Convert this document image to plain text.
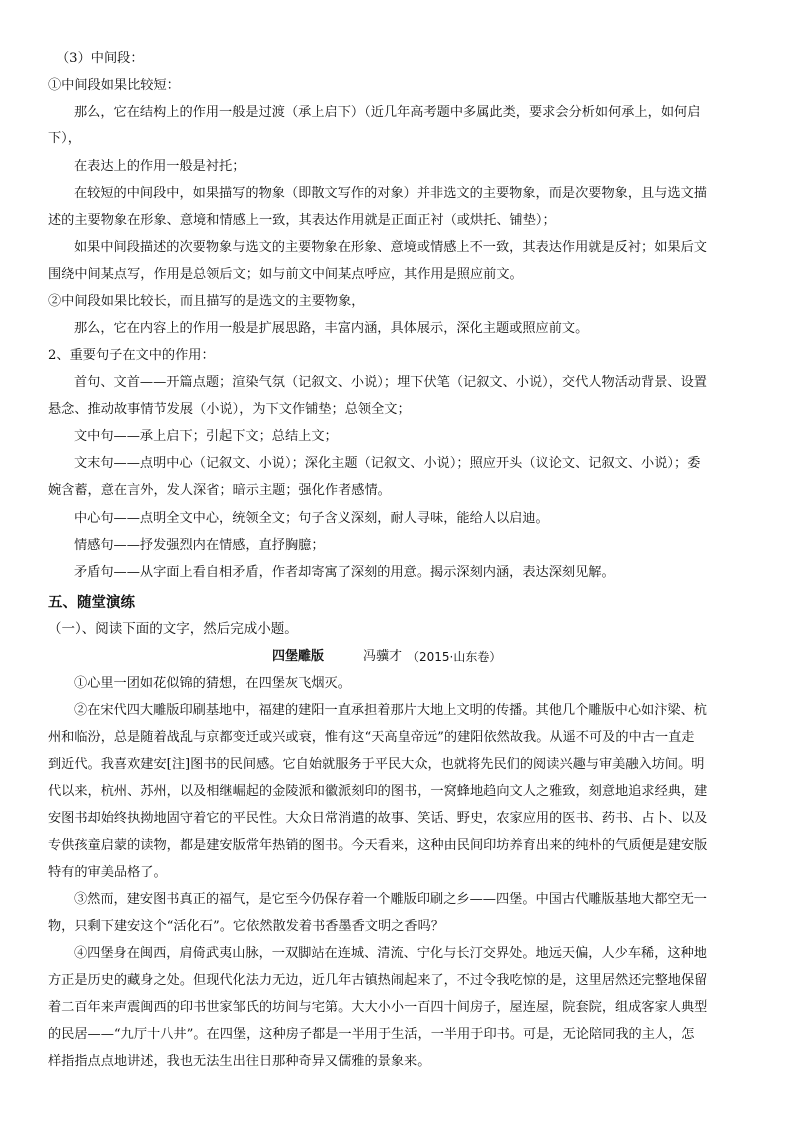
（3）中间段：
①中间段如果比较短：
那么，它在结构上的作用一般是过渡（承上启下）（近几年高考题中多属此类，要求会分析如何承上，如何启
下），
在表达上的作用一般是衬托；
在较短的中间段中，如果描写的物象（即散文写作的对象）并非选文的主要物象，而是次要物象，且与选文描
述的主要物象在形象、意境和情感上一致，其表达作用就是正面正衬（或烘托、铺垫）；
如果中间段描述的次要物象与选文的主要物象在形象、意境或情感上不一致，其表达作用就是反衬；如果后文
围绕中间某点写，作用是总领后文；如与前文中间某点呼应，其作用是照应前文。
②中间段如果比较长，而且描写的是选文的主要物象，
那么，它在内容上的作用一般是扩展思路，丰富内涵，具体展示，深化主题或照应前文。
2、重要句子在文中的作用：
首句、文首——开篇点题；渲染气氛（记叙文、小说）；埋下伏笔（记叙文、小说），交代人物活动背景、设置
悬念、推动故事情节发展（小说），为下文作铺垫；总领全文；
文中句——承上启下；引起下文；总结上文；
文末句——点明中心（记叙文、小说）；深化主题（记叙文、小说）；照应开头（议论文、记叙文、小说）；委
婉含蓄，意在言外，发人深省；暗示主题；强化作者感情。
中心句——点明全文中心，统领全文；句子含义深刻，耐人寻味，能给人以启迪。
情感句——抒发强烈内在情感，直抒胸臆；
矛盾句——从字面上看自相矛盾，作者却寄寓了深刻的用意。揭示深刻内涵，表达深刻见解。
五、随堂演练
（一）、阅读下面的文字，然后完成小题。
四堡雕版	冯骥才 （2015·山东卷）
①心里一团如花似锦的猜想，在四堡灰飞烟灭。
②在宋代四大雕版印刷基地中，福建的建阳一直承担着那片大地上文明的传播。其他几个雕版中心如汴梁、杭
州和临汾，总是随着战乱与京都变迁或兴或衰，惟有这“天高皇帝远”的建阳依然故我。从遥不可及的中古一直走
到近代。我喜欢建安[注]图书的民间感。它自始就服务于平民大众，也就将先民们的阅读兴趣与审美融入坊间。明
代以来，杭州、苏州，以及相继崛起的金陵派和徽派刻印的图书，一窝蜂地趋向文人之雅致，刻意地追求经典，建
安图书却始终执拗地固守着它的平民性。大众日常消遣的故事、笑话、野史，农家应用的医书、药书、占卜、以及
专供孩童启蒙的读物，都是建安版常年热销的图书。今天看来，这种由民间印坊养育出来的纯朴的气质便是建安版
特有的审美品格了。
③然而，建安图书真正的福气，是它至今仍保存着一个雕版印刷之乡——四堡。中国古代雕版基地大都空无一
物，只剩下建安这个“活化石”。它依然散发着书香墨香文明之香吗？
④四堡身在闽西，肩倚武夷山脉，一双脚站在连城、清流、宁化与长汀交界处。地远天偏，人少车稀，这种地
方正是历史的藏身之处。但现代化法力无边，近几年古镇热闹起来了，不过令我吃惊的是，这里居然还完整地保留
着二百年来声震闽西的印书世家邹氏的坊间与宅第。大大小小一百四十间房子，屋连屋，院套院，组成客家人典型
的民居——“九厅十八井”。在四堡，这种房子都是一半用于生活，一半用于印书。可是，无论陪同我的主人，怎
样指指点点地讲述，我也无法生出往日那种奇异又儒雅的景象来。
